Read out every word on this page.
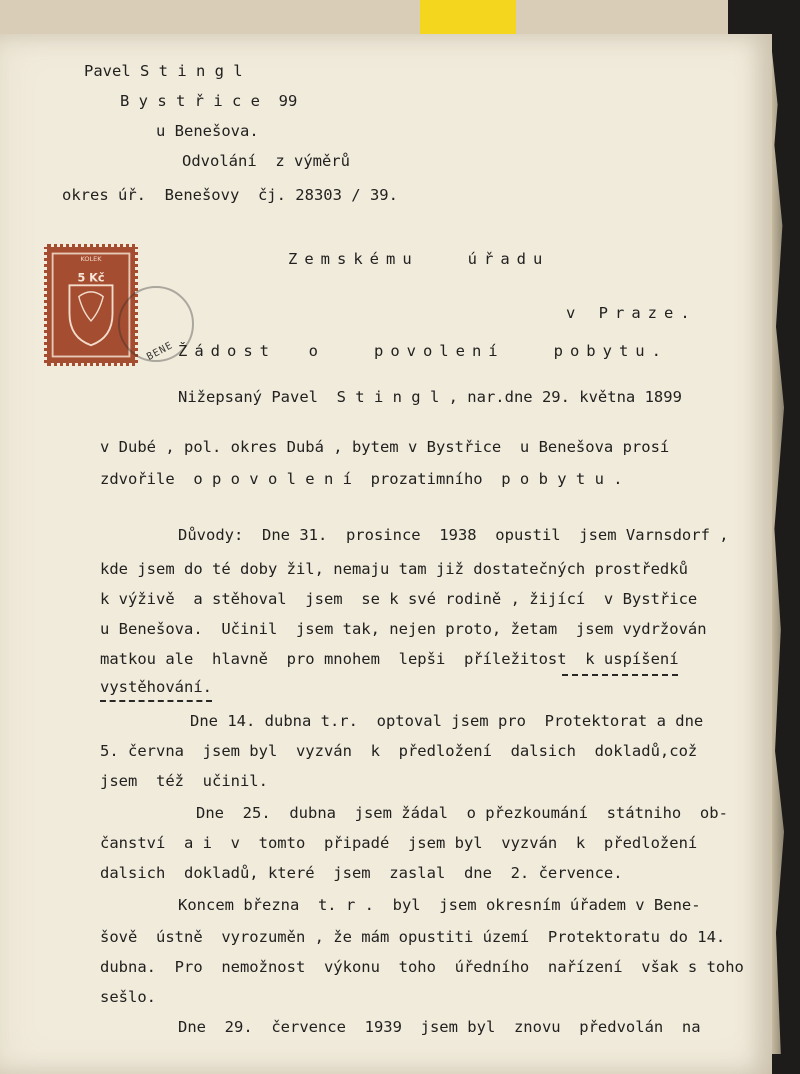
Pavel S t i n g l
B y s t ř i c e  99
u Benešova.
Odvolání  z výměrů
okres úř.  Benešovy  čj. 28303 / 39.
KOLEK
5 Kč
BENE
Zemskému   úřadu
v Praze.
Žádost  o   povolení   pobytu.
Nižepsaný Pavel  S t i n g l , nar.dne 29. května 1899
v Dubé , pol. okres Dubá , bytem v Bystřice  u Benešova prosí
zdvořile  o p o v o l e n í  prozatimního  p o b y t u .
Důvody:  Dne 31.  prosince  1938  opustil  jsem Varnsdorf ,
kde jsem do té doby žil, nemaju tam již dostatečných prostředků
k výživě  a stěhoval  jsem  se k své rodině , žijící  v Bystřice
u Benešova.  Učinil  jsem tak, nejen proto, žetam  jsem vydržován
matkou ale  hlavně  pro mnohem  lepši  příležitost  k uspíšení
vystěhování.
Dne 14. dubna t.r.  optoval jsem pro  Protektorat a dne
5. června  jsem byl  vyzván  k  předložení  dalsich  dokladů,což
jsem  též  učinil.
Dne  25.  dubna  jsem žádal  o přezkoumání  státniho  ob-
čanství  a i  v  tomto  připadé  jsem byl  vyzván  k  předložení
dalsich  dokladů, které  jsem  zaslal  dne  2. července.
Koncem března  t. r .  byl  jsem okresním úřadem v Bene-
šově  ústně  vyrozuměn , že mám opustiti území  Protektoratu do 14.
dubna.  Pro  nemožnost  výkonu  toho  úředního  nařízení  však s toho
sešlo.
Dne  29.  července  1939  jsem byl  znovu  předvolán  na
